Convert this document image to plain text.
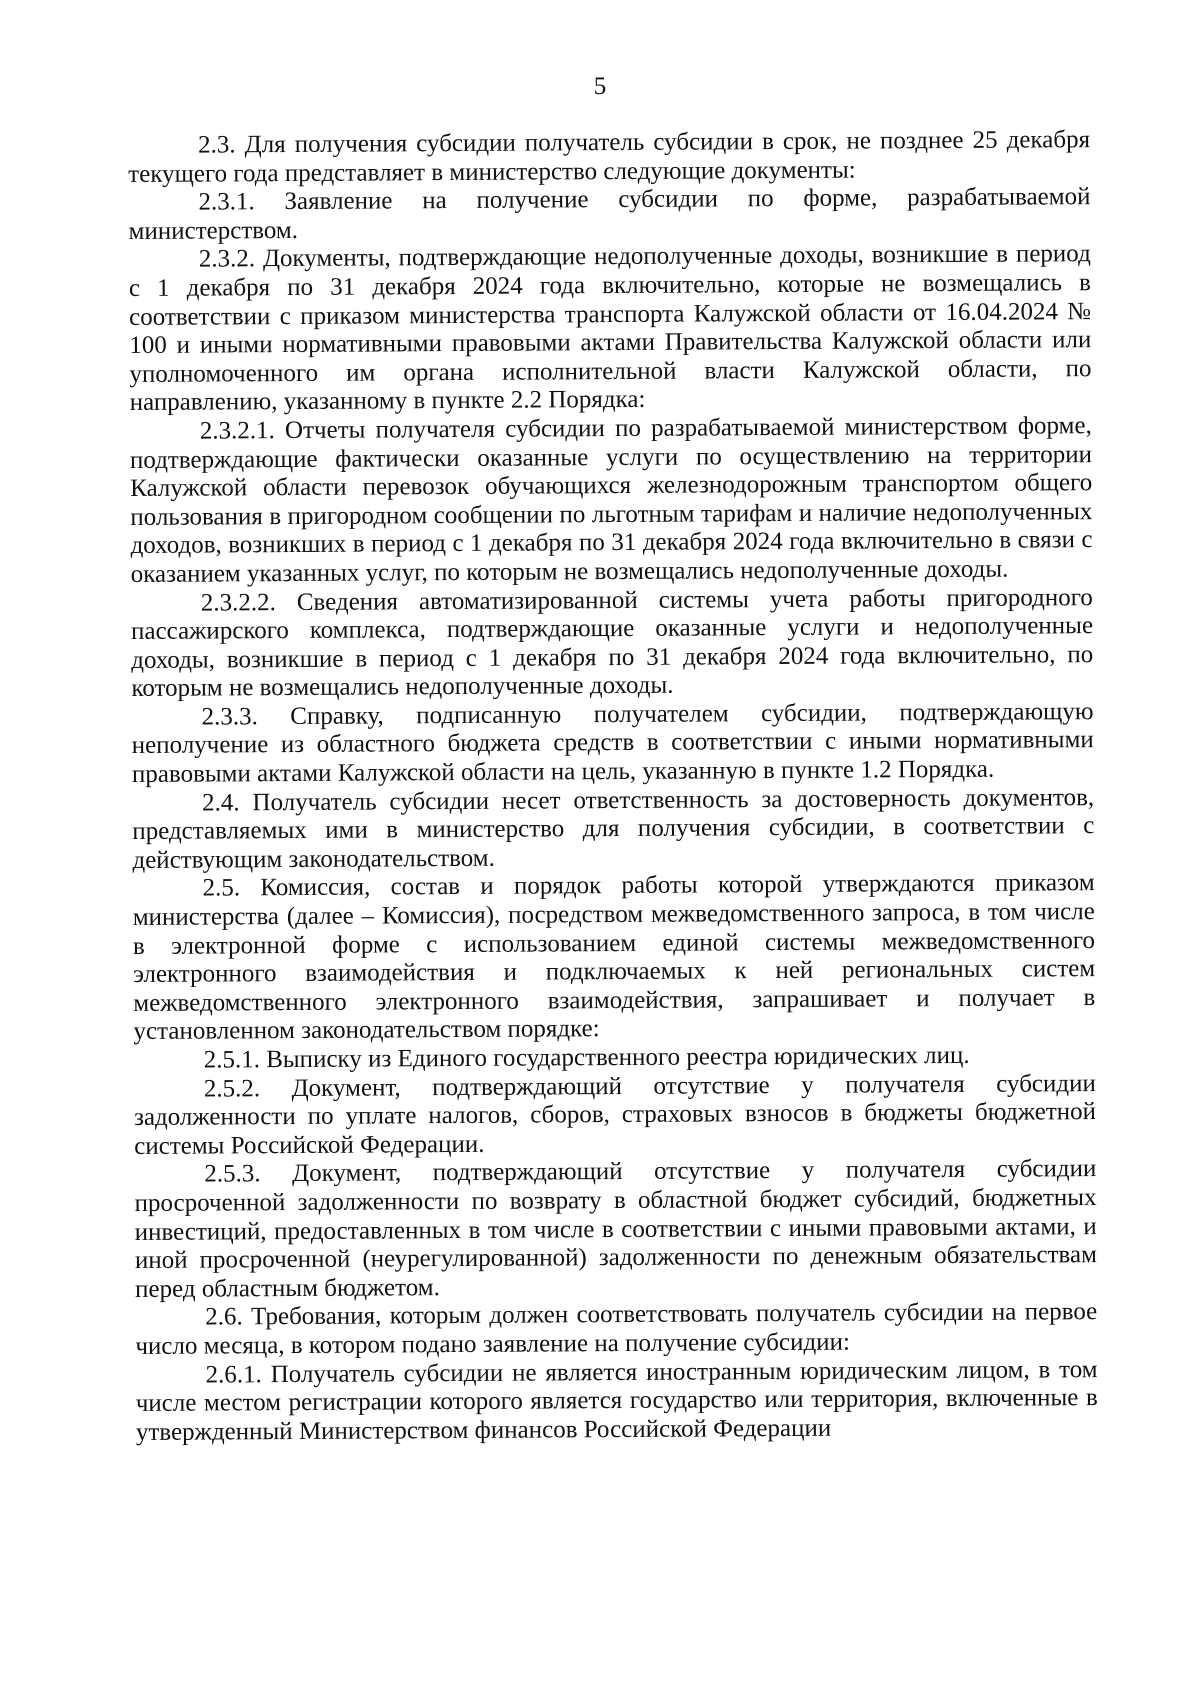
5

2.3. Для получения субсидии получатель субсидии в срок, не позднее 25 декабря текущего года представляет в министерство следующие документы:

2.3.1. Заявление на получение субсидии по форме, разрабатываемой министерством.

2.3.2. Документы, подтверждающие недополученные доходы, возникшие в период с 1 декабря по 31 декабря 2024 года включительно, которые не возмещались в соответствии с приказом министерства транспорта Калужской области от 16.04.2024 № 100 и иными нормативными правовыми актами Правительства Калужской области или уполномоченного им органа исполнительной власти Калужской области, по направлению, указанному в пункте 2.2 Порядка:

2.3.2.1. Отчеты получателя субсидии по разрабатываемой министерством форме, подтверждающие фактически оказанные услуги по осуществлению на территории Калужской области перевозок обучающихся железнодорожным транспортом общего пользования в пригородном сообщении по льготным тарифам и наличие недополученных доходов, возникших в период с 1 декабря по 31 декабря 2024 года включительно в связи с оказанием указанных услуг, по которым не возмещались недополученные доходы.

2.3.2.2. Сведения автоматизированной системы учета работы пригородного пассажирского комплекса, подтверждающие оказанные услуги и недополученные доходы, возникшие в период с 1 декабря по 31 декабря 2024 года включительно, по которым не возмещались недополученные доходы.

2.3.3. Справку, подписанную получателем субсидии, подтверждающую неполучение из областного бюджета средств в соответствии с иными нормативными правовыми актами Калужской области на цель, указанную в пункте 1.2 Порядка.

2.4. Получатель субсидии несет ответственность за достоверность документов, представляемых ими в министерство для получения субсидии, в соответствии с действующим законодательством.

2.5. Комиссия, состав и порядок работы которой утверждаются приказом министерства (далее – Комиссия), посредством межведомственного запроса, в том числе в электронной форме с использованием единой системы межведомственного электронного взаимодействия и подключаемых к ней региональных систем межведомственного электронного взаимодействия, запрашивает и получает в установленном законодательством порядке:

2.5.1. Выписку из Единого государственного реестра юридических лиц.

2.5.2. Документ, подтверждающий отсутствие у получателя субсидии задолженности по уплате налогов, сборов, страховых взносов в бюджеты бюджетной системы Российской Федерации.

2.5.3. Документ, подтверждающий отсутствие у получателя субсидии просроченной задолженности по возврату в областной бюджет субсидий, бюджетных инвестиций, предоставленных в том числе в соответствии с иными правовыми актами, и иной просроченной (неурегулированной) задолженности по денежным обязательствам перед областным бюджетом.

2.6. Требования, которым должен соответствовать получатель субсидии на первое число месяца, в котором подано заявление на получение субсидии:

2.6.1. Получатель субсидии не является иностранным юридическим лицом, в том числе местом регистрации которого является государство или территория, включенные в утвержденный Министерством финансов Российской Федерации
